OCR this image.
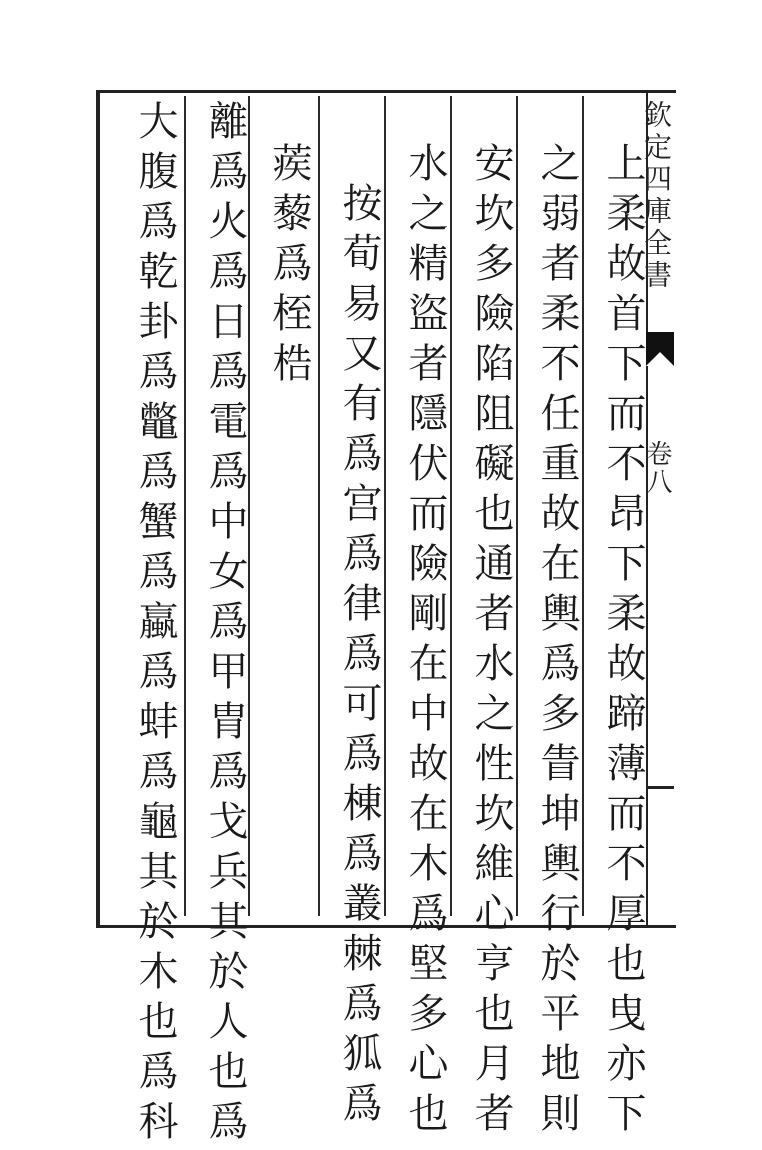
上柔故首下而不昂下柔故蹄薄而不厚也曳亦下
之弱者柔不任重故在輿爲多眚坤輿行於平地則
安坎多險陷阻礙也通者水之性坎維心亨也月者
水之精盜者隱伏而險剛在中故在木爲堅多心也
按荀易又有爲宫爲律爲可爲棟爲叢棘爲狐爲
蒺藜爲桎梏
離爲火爲日爲電爲中女爲甲胄爲戈兵其於人也爲
大腹爲乾卦爲鼈爲蟹爲蠃爲蚌爲龜其於木也爲科	欽定四庫全書
卷八
